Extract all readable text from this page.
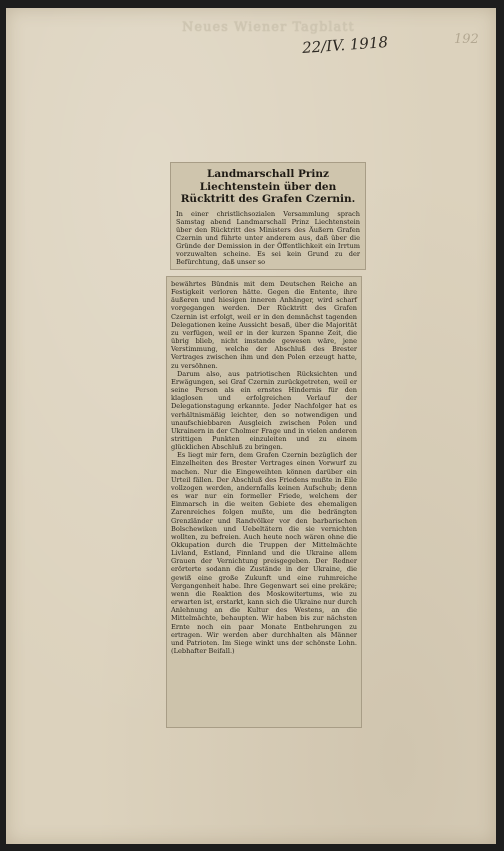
Neues Wiener Tagblatt
22/IV. 1918	192
Landmarschall Prinz Liechtenstein über den Rücktritt des Grafen Czernin.

In einer christlichsozialen Versammlung sprach Samstag abend Landmarschall Prinz Liechtenstein über den Rücktritt des Ministers des Äußern Grafen Czernin und führte unter anderem aus, daß über die Gründe der Demission in der Öffentlichkeit ein Irrtum vorzuwalten scheine. Es sei kein Grund zu der Befürchtung, daß unser so

bewährtes Bündnis mit dem Deutschen Reiche an Festigkeit verloren hätte. Gegen die Entente, ihre äußeren und hiesigen inneren Anhänger, wird scharf vorgegangen werden. Der Rücktritt des Grafen Czernin ist erfolgt, weil er in den demnächst tagenden Delegationen keine Aussicht besaß, über die Majorität zu verfügen, weil er in der kurzen Spanne Zeit, die übrig blieb, nicht imstande gewesen wäre, jene Verstimmung, welche der Abschluß des Brester Vertrages zwischen ihm und den Polen erzeugt hatte, zu versöhnen.
Darum also, aus patriotischen Rücksichten und Erwägungen, sei Graf Czernin zurückgetreten, weil er seine Person als ein ernstes Hindernis für den klaglosen und erfolgreichen Verlauf der Delegationstagung erkannte. Jeder Nachfolger hat es verhältnismäßig leichter, den so notwendigen und unaufschiebbaren Ausgleich zwischen Polen und Ukrainern in der Cholmer Frage und in vielen anderen strittigen Punkten einzuleiten und zu einem glücklichen Abschluß zu bringen.
Es liegt mir fern, dem Grafen Czernin bezüglich der Einzelheiten des Brester Vertrages einen Vorwurf zu machen. Nur die Eingeweihten können darüber ein Urteil fällen. Der Abschluß des Friedens mußte in Eile vollzogen werden, andernfalls keinen Aufschub; denn es war nur ein formeller Friede, welchem der Einmarsch in die weiten Gebiete des ehemaligen Zarenreiches folgen mußte, um die bedrängten Grenzländer und Randvölker vor den barbarischen Bolschewiken und Uebeltätern die sie vernichten wollten, zu befreien. Auch heute noch wären ohne die Okkupation durch die Truppen der Mittelmächte Livland, Estland, Finnland und die Ukraine allem Grauen der Vernichtung preisgegeben. Der Redner erörterte sodann die Zustände in der Ukraine, die gewiß eine große Zukunft und eine ruhmreiche Vergangenheit habe. Ihre Gegenwart sei eine prekäre; wenn die Reaktion des Moskowitertums, wie zu erwarten ist, erstarkt, kann sich die Ukraine nur durch Anlehnung an die Kultur des Westens, an die Mittelmächte, behaupten. Wir haben bis zur nächsten Ernte noch ein paar Monate Entbehrungen zu ertragen. Wir werden aber durchhalten als Männer und Patrioten. Im Siege winkt uns der schönste Lohn. (Lebhafter Beifall.)
